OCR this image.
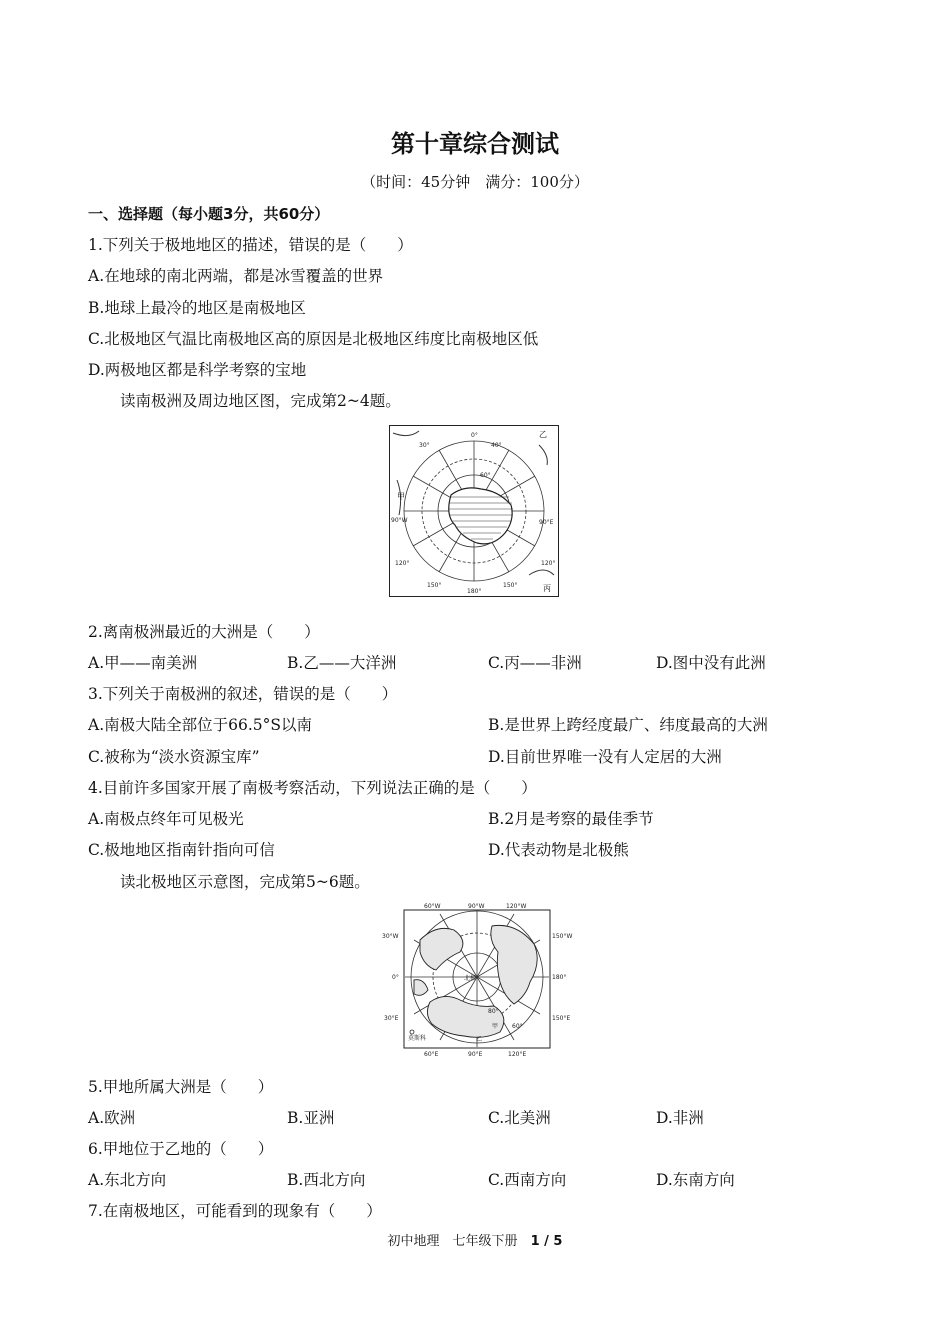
第十章综合测试
（时间：45分钟　满分：100分）
一、选择题（每小题3分，共60分）
1.下列关于极地地区的描述，错误的是（　　）
A.在地球的南北两端，都是冰雪覆盖的世界
B.地球上最冷的地区是南极地区
C.北极地区气温比南极地区高的原因是北极地区纬度比南极地区低
D.两极地区都是科学考察的宝地
读南极洲及周边地区图，完成第2~4题。
0°
30°	40°
60°
90°W	90°E
120°
150°
180°
150°
120°
甲
乙
丙
2.离南极洲最近的大洲是（　　）
A.甲——南美洲	B.乙——大洋洲	C.丙——非洲	D.图中没有此洲
3.下列关于南极洲的叙述，错误的是（　　）
A.南极大陆全部位于66.5°S以南	B.是世界上跨经度最广、纬度最高的大洲
C.被称为“淡水资源宝库”	D.目前世界唯一没有人定居的大洲
4.目前许多国家开展了南极考察活动，下列说法正确的是（　　）
A.南极点终年可见极光	B.2月是考察的最佳季节
C.极地地区指南针指向可信	D.代表动物是北极熊
读北极地区示意图，完成第5~6题。
60°W	90°W	120°W
30°W	150°W
0°	180°
30°E	150°E
60°E	90°E	120°E
北极
莫斯科
甲
乙
80°
60°
5.甲地所属大洲是（　　）
A.欧洲	B.亚洲	C.北美洲	D.非洲
6.甲地位于乙地的（　　）
A.东北方向	B.西北方向	C.西南方向	D.东南方向
7.在南极地区，可能看到的现象有（　　）
初中地理　七年级下册　1 / 5
